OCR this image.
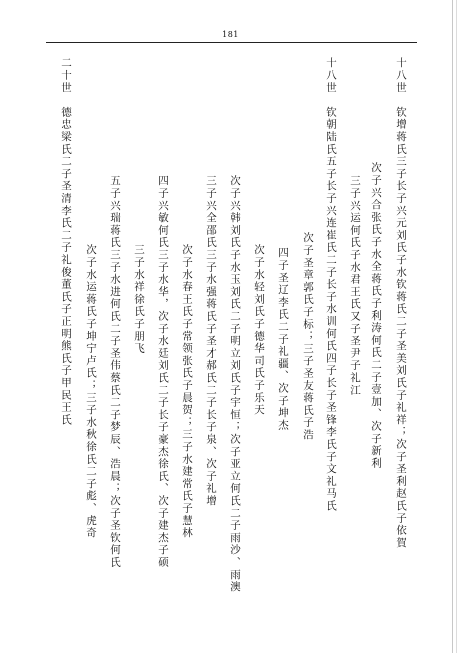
181
十八世　钦增蒋氏三子长子兴元刘氏子水钦蒋氏二子圣美刘氏子礼祥；次子圣利赵氏子依賀
次子兴合张氏子水全蒋氏子利涛何氏二子壹加、次子新利
三子兴运何氏子水君王氏又子圣尹子礼江
十八世　钦朝陆氏五子长子兴连崔氏二子长子水训何氏四子长子圣锋李氏子文礼马氏
次子圣章郭氏子标；三子圣友蒋氏子浩
四子圣辽李氏二子礼疆、次子坤杰
次子水轻刘氏子德华司氏子乐天
次子兴韩刘氏子水玉刘氏二子明立刘氏子宇恒；次子亚立何氏二子雨沙、雨澳
三子兴全邵氏三子水强蒋氏子圣才郝氏二子长子泉、次子礼增
次子水春王氏子常领张氏子晨贺；三子水建常氏子慧林
四子兴敏何氏三子水华，次子水廷刘氏二子长子豪杰徐氏、次子建杰子硕
三子水祥徐氏子朋飞
五子兴瑞蒋氏三子水进何氏二子圣伟蔡氏二子梦辰、浩晨；次子圣钦何氏
次子水运蒋氏子坤宁卢氏；三子水秋徐氏二子彪、虎奇
二十世　德忠梁氏二子圣清李氏二子礼俊董氏子正明熊氏子甲民王氏
